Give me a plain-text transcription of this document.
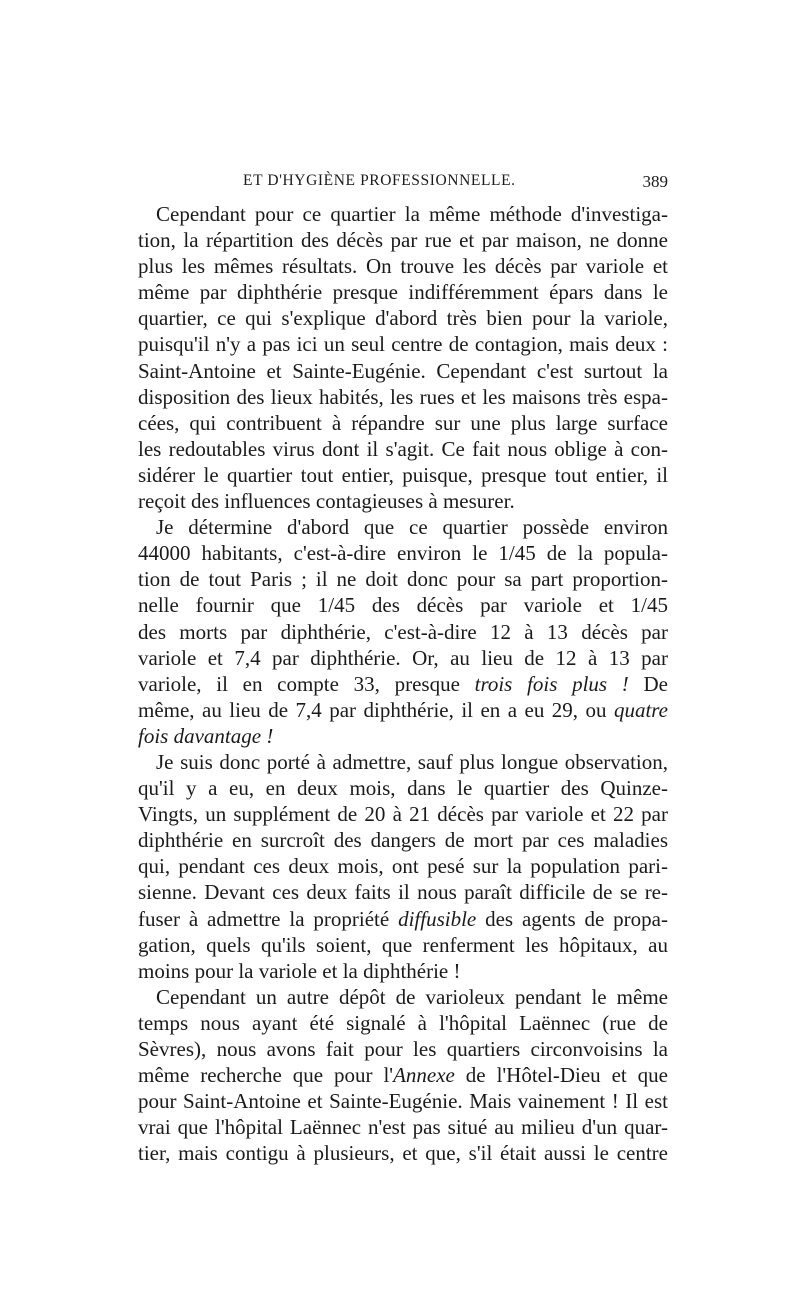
ET D'HYGIÈNE PROFESSIONNELLE.	389
Cependant pour ce quartier la même méthode d'investiga-
tion, la répartition des décès par rue et par maison, ne donne
plus les mêmes résultats. On trouve les décès par variole et
même par diphthérie presque indifféremment épars dans le
quartier, ce qui s'explique d'abord très bien pour la variole,
puisqu'il n'y a pas ici un seul centre de contagion, mais deux :
Saint-Antoine et Sainte-Eugénie. Cependant c'est surtout la
disposition des lieux habités, les rues et les maisons très espa-
cées, qui contribuent à répandre sur une plus large surface
les redoutables virus dont il s'agit. Ce fait nous oblige à con-
sidérer le quartier tout entier, puisque, presque tout entier, il
reçoit des influences contagieuses à mesurer.
Je détermine d'abord que ce quartier possède environ
44000 habitants, c'est-à-dire environ le 1/45 de la popula-
tion de tout Paris ; il ne doit donc pour sa part proportion-
nelle fournir que 1/45 des décès par variole et 1/45
des morts par diphthérie, c'est-à-dire 12 à 13 décès par
variole et 7,4 par diphthérie. Or, au lieu de 12 à 13 par
variole, il en compte 33, presque trois fois plus ! De
même, au lieu de 7,4 par diphthérie, il en a eu 29, ou quatre
fois davantage !
Je suis donc porté à admettre, sauf plus longue observation,
qu'il y a eu, en deux mois, dans le quartier des Quinze-
Vingts, un supplément de 20 à 21 décès par variole et 22 par
diphthérie en surcroît des dangers de mort par ces maladies
qui, pendant ces deux mois, ont pesé sur la population pari-
sienne. Devant ces deux faits il nous paraît difficile de se re-
fuser à admettre la propriété diffusible des agents de propa-
gation, quels qu'ils soient, que renferment les hôpitaux, au
moins pour la variole et la diphthérie !
Cependant un autre dépôt de varioleux pendant le même
temps nous ayant été signalé à l'hôpital Laënnec (rue de
Sèvres), nous avons fait pour les quartiers circonvoisins la
même recherche que pour l'Annexe de l'Hôtel-Dieu et que
pour Saint-Antoine et Sainte-Eugénie. Mais vainement ! Il est
vrai que l'hôpital Laënnec n'est pas situé au milieu d'un quar-
tier, mais contigu à plusieurs, et que, s'il était aussi le centre
